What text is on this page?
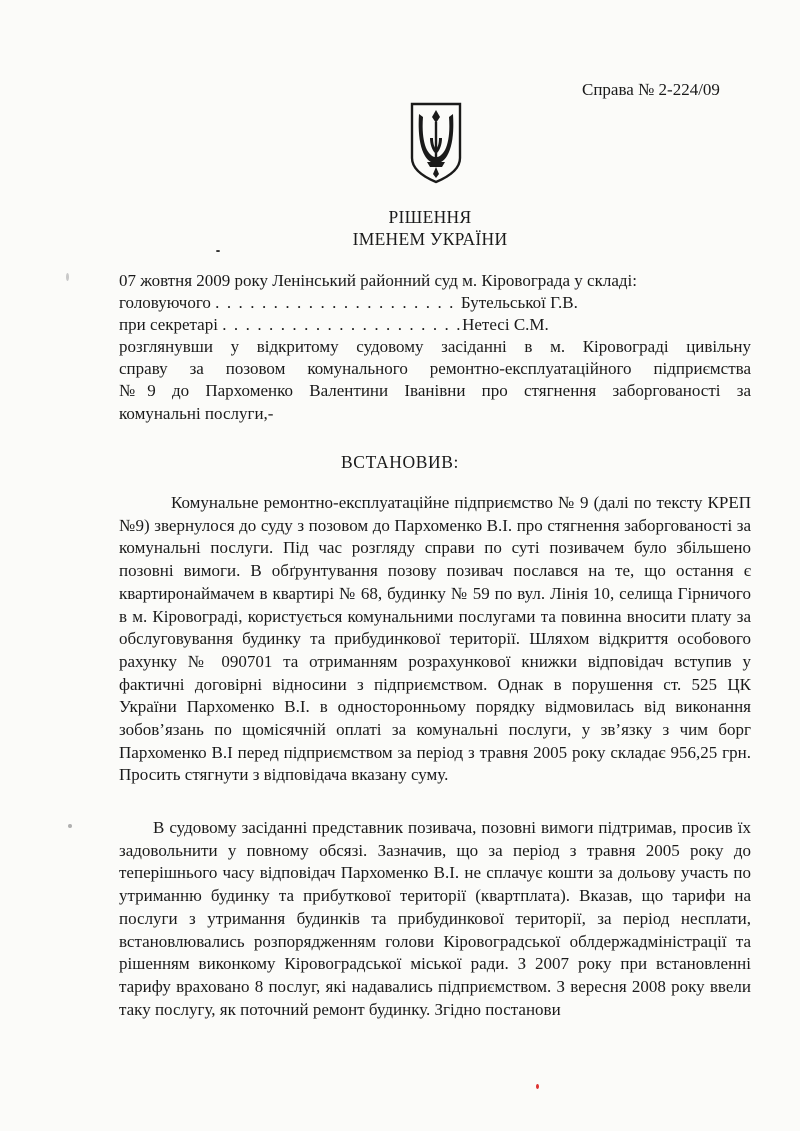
Справа № 2-224/09
РІШЕННЯ
ІМЕНЕМ УКРАЇНИ
07 жовтня 2009 року Ленінський районний суд м. Кіровограда у складі:
головуючого . . . . . . . . . . . . . . . . . . . . . Бутельської Г.В.
при секретарі . . . . . . . . . . . . . . . . . . . . .Нетесі С.М.
розглянувши у відкритому судовому засіданні в м. Кіровограді цивільну
справу за позовом комунального ремонтно-експлуатаційного підприємства
№9 до Пархоменко Валентини Іванівни про стягнення заборгованості за
комунальні послуги,-
ВСТАНОВИВ:
Комунальне ремонтно-експлуатаційне підприємство № 9 (далі по тексту КРЕП №9) звернулося до суду з позовом до Пархоменко В.І. про стягнення заборгованості за комунальні послуги. Під час розгляду справи по суті позивачем було збільшено позовні вимоги. В обґрунтування позову позивач послався на те, що остання є квартиронаймачем в квартирі № 68, будинку № 59 по вул. Лінія 10, селища Гірничого в м. Кіровограді, користується комунальними послугами та повинна вносити плату за обслуговування будинку та прибудинкової території. Шляхом відкриття особового рахунку № 090701 та отриманням розрахункової книжки відповідач вступив у фактичні договірні відносини з підприємством. Однак в порушення ст. 525 ЦК України Пархоменко В.І. в односторонньому порядку відмовилась від виконання зобов’язань по щомісячній оплаті за комунальні послуги, у зв’язку з чим борг Пархоменко В.І перед підприємством за період з травня 2005 року складає 956,25 грн. Просить стягнути з відповідача вказану суму.
В судовому засіданні представник позивача, позовні вимоги підтримав, просив їх задовольнити у повному обсязі. Зазначив, що за період з травня 2005 року до теперішнього часу відповідач Пархоменко В.І. не сплачує кошти за дольову участь по утриманню будинку та прибуткової території (квартплата). Вказав, що тарифи на послуги з утримання будинків та прибудинкової території, за період несплати, встановлювались розпорядженням голови Кіровоградської облдержадміністрації та рішенням виконкому Кіровоградської міської ради. З 2007 року при встановленні тарифу враховано 8 послуг, які надавались підприємством. З вересня 2008 року ввели таку послугу, як поточний ремонт будинку. Згідно постанови
